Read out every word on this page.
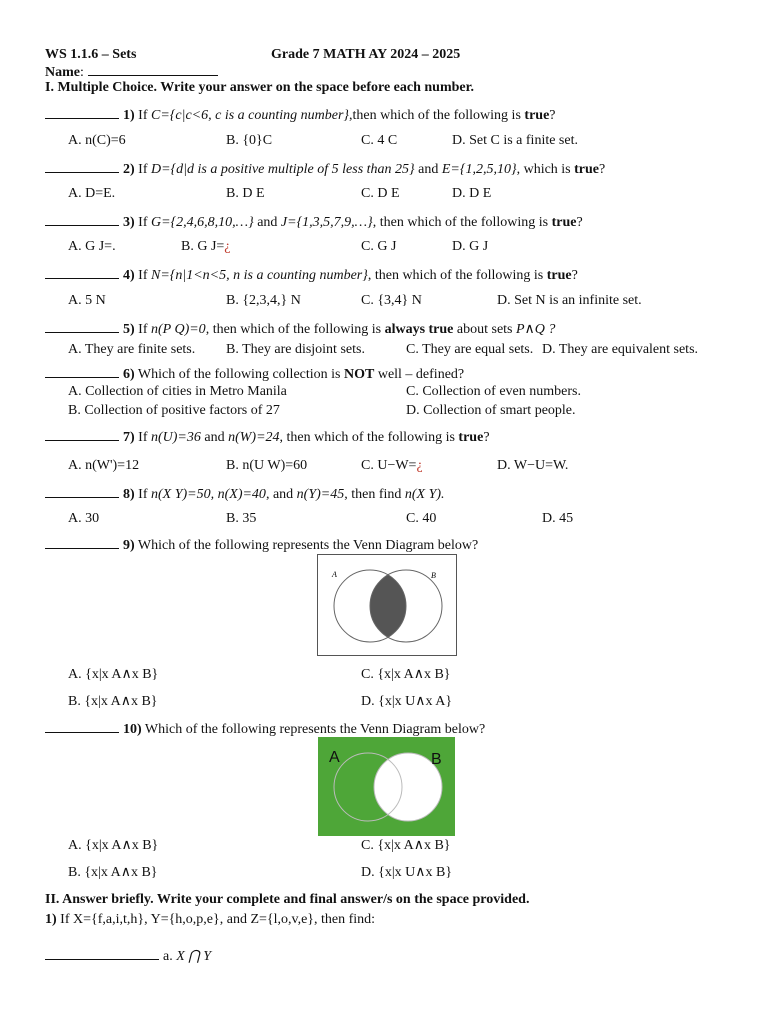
WS 1.1.6 – Sets	Grade 7 MATH AY 2024 – 2025
Name:
I. Multiple Choice. Write your answer on the space before each number.
1) If C={c|c<6, c is a counting number},then which of the following is true?
A. n(C)=6	B. {0}C	C. 4 C	D. Set C is a finite set.
2) If D={d|d is a positive multiple of 5 less than 25} and E={1,2,5,10}, which is true?
A. D=E.	B. D E	C. D E	D. D E
3) If G={2,4,6,8,10,…} and J={1,3,5,7,9,…}, then which of the following is true?
A. G J=.	B. G J=¿	C. G J	D. G J
4) If N={n|1<n<5, n is a counting number}, then which of the following is true?
A. 5 N	B. {2,3,4,} N	C. {3,4} N	D. Set N is an infinite set.
5) If n(P Q)=0, then which of the following is always true about sets P∧Q ?
A. They are finite sets. B. They are disjoint sets.	C. They are equal sets. D. They are equivalent sets.
6) Which of the following collection is NOT well – defined?
A. Collection of cities in Metro Manila	C. Collection of even numbers.
B. Collection of positive factors of 27	D. Collection of smart people.
7) If n(U)=36 and n(W)=24, then which of the following is true?
A. n(W')=12	B. n(U W)=60	C. U−W=¿	D. W−U=W.
8) If n(X Y)=50, n(X)=40, and n(Y)=45, then find n(X Y).
A. 30	B. 35	C. 40	D. 45
9) Which of the following represents the Venn Diagram below?
A	B
A. {x|x A∧x B}	C. {x|x A∧x B}
B. {x|x A∧x B}	D. {x|x U∧x A}
10) Which of the following represents the Venn Diagram below?
A	B
A. {x|x A∧x B}	C. {x|x A∧x B}
B. {x|x A∧x B}	D. {x|x U∧x B}
II. Answer briefly. Write your complete and final answer/s on the space provided.
1) If X={f,a,i,t,h}, Y={h,o,p,e}, and Z={l,o,v,e}, then find:
a. X ⋂ Y
